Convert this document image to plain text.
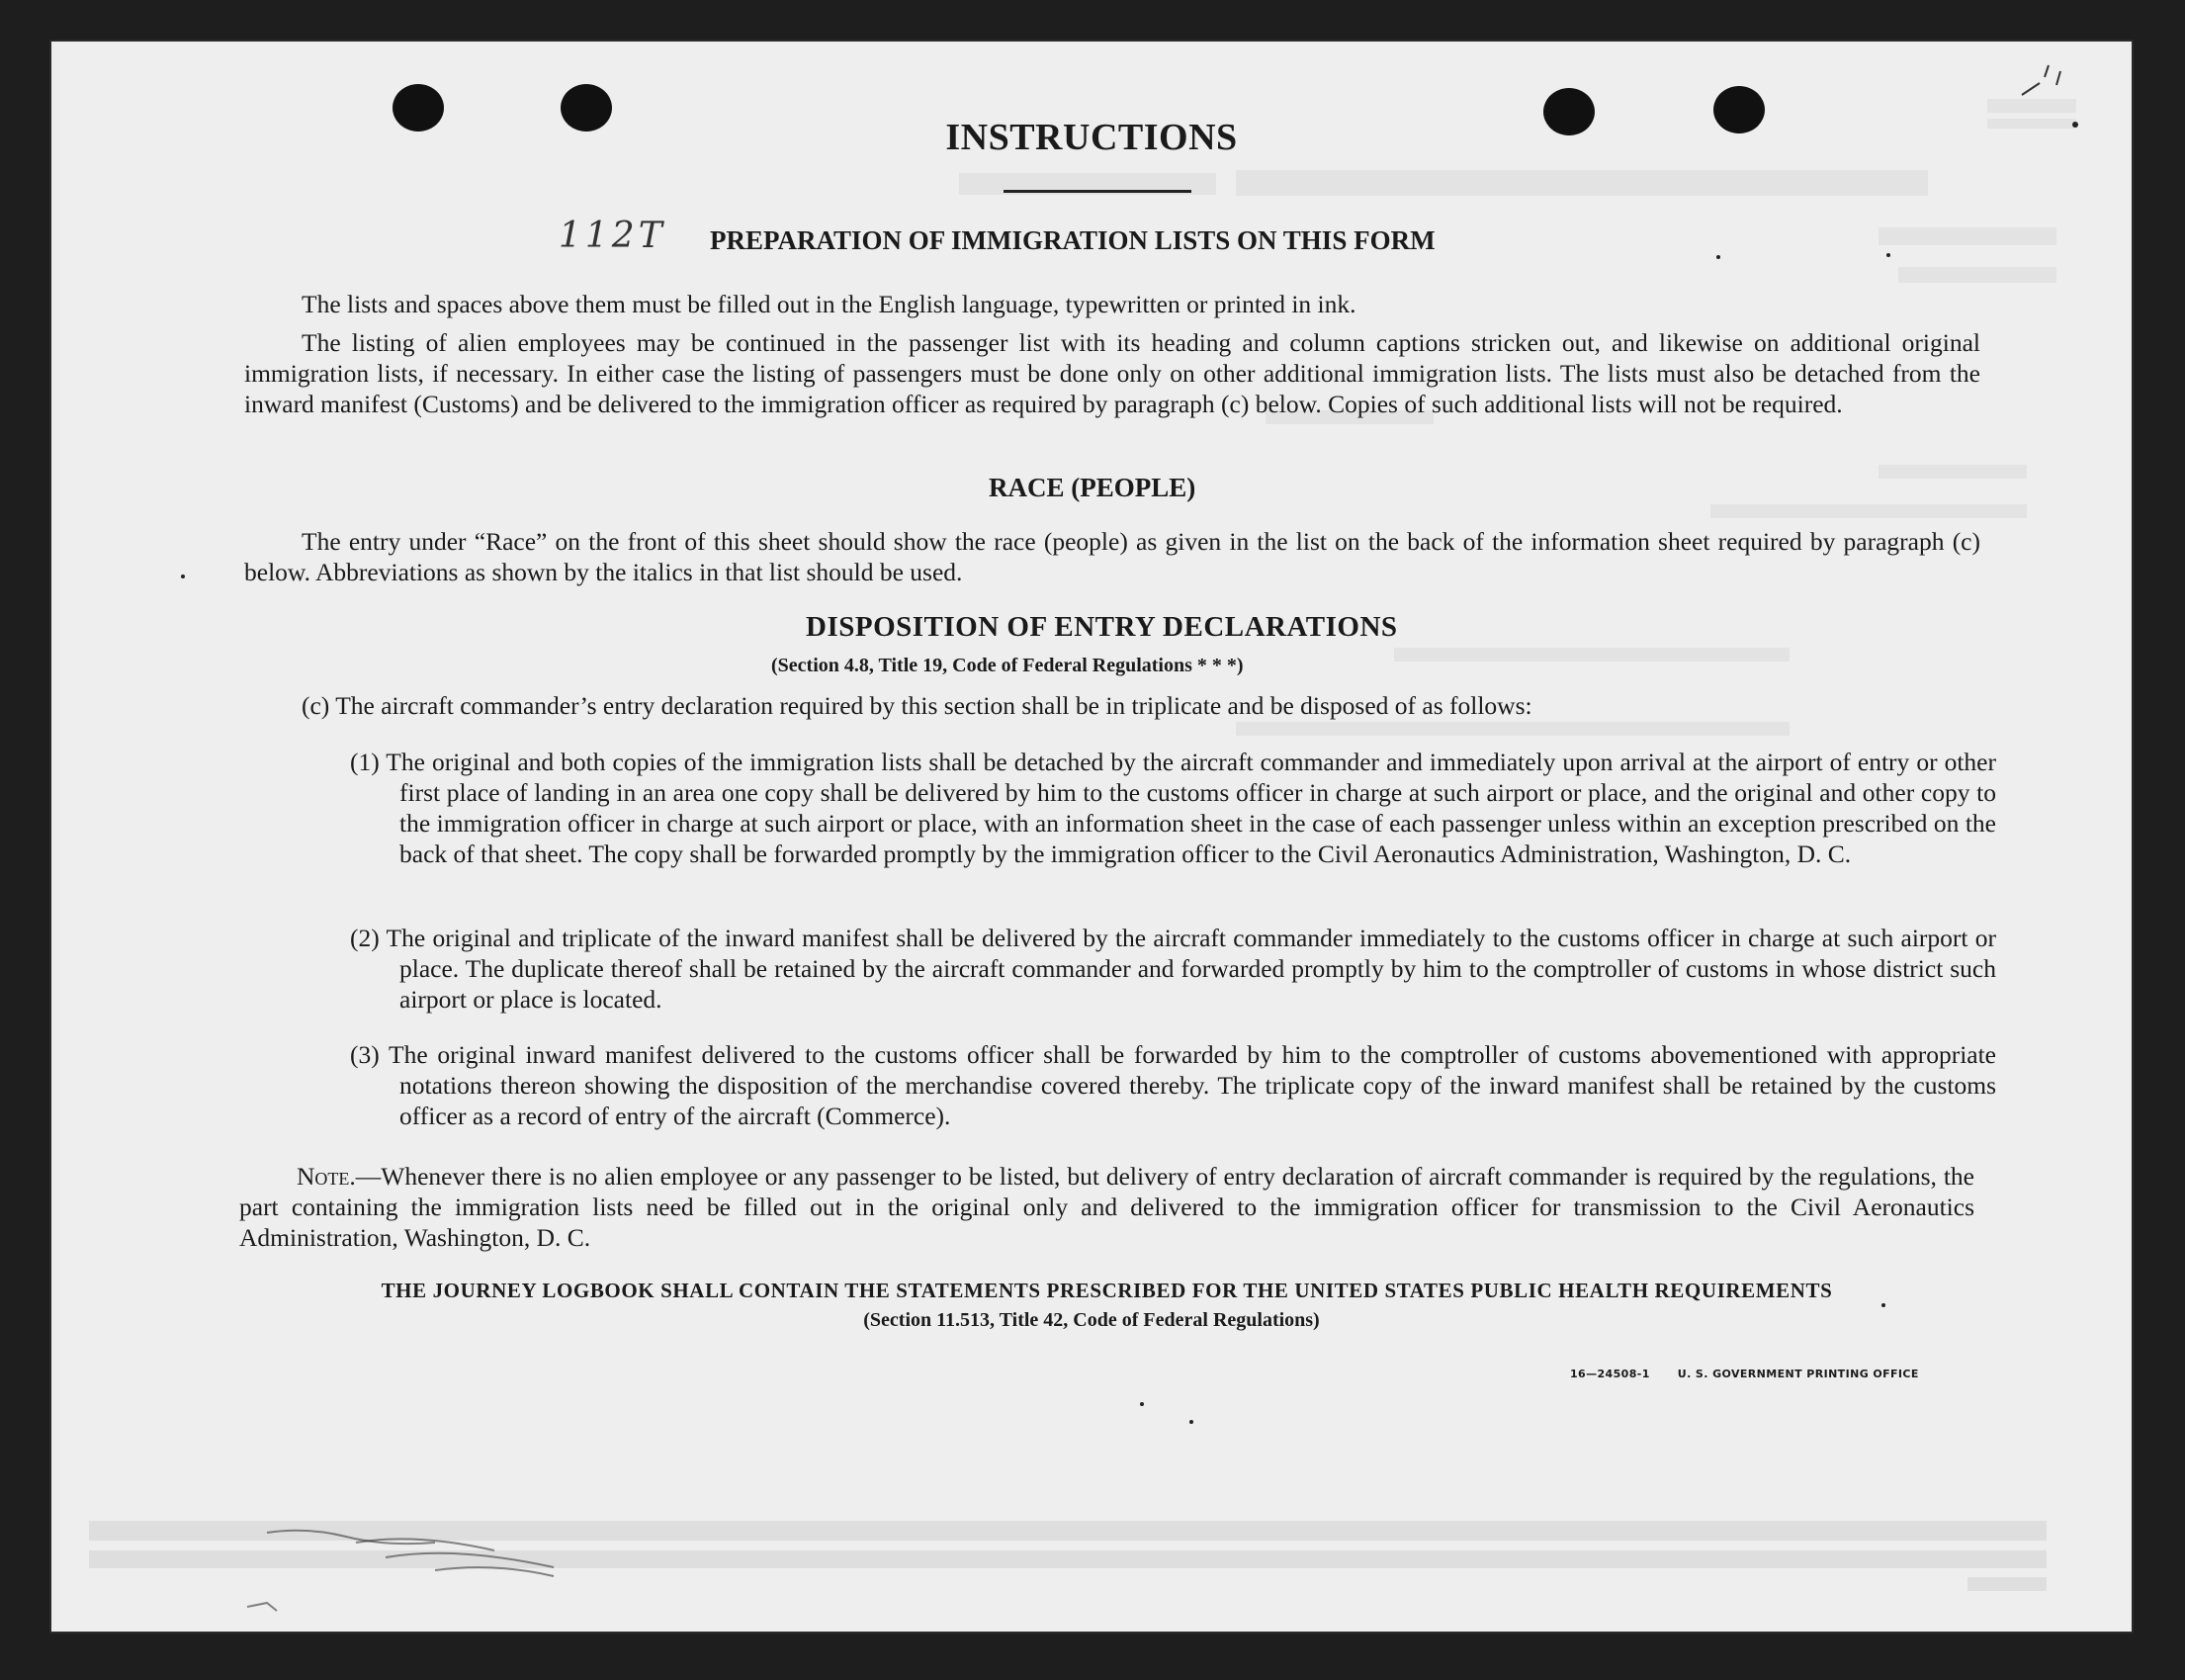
INSTRUCTIONS
112T PREPARATION OF IMMIGRATION LISTS ON THIS FORM

The lists and spaces above them must be filled out in the English language, typewritten or printed in ink.

The listing of alien employees may be continued in the passenger list with its heading and column captions stricken out, and likewise on additional original immigration lists, if necessary. In either case the listing of passengers must be done only on other additional immigration lists. The lists must also be detached from the inward manifest (Customs) and be delivered to the immigration officer as required by paragraph (c) below. Copies of such additional lists will not be required.

RACE (PEOPLE)

The entry under “Race” on the front of this sheet should show the race (people) as given in the list on the back of the information sheet required by paragraph (c) below. Abbreviations as shown by the italics in that list should be used.

DISPOSITION OF ENTRY DECLARATIONS
(Section 4.8, Title 19, Code of Federal Regulations * * *)

(c) The aircraft commander’s entry declaration required by this section shall be in triplicate and be disposed of as follows:

(1) The original and both copies of the immigration lists shall be detached by the aircraft commander and immediately upon arrival at the airport of entry or other first place of landing in an area one copy shall be delivered by him to the customs officer in charge at such airport or place, and the original and other copy to the immigration officer in charge at such airport or place, with an information sheet in the case of each passenger unless within an exception prescribed on the back of that sheet. The copy shall be forwarded promptly by the immigration officer to the Civil Aeronautics Administration, Washington, D. C.
(2) The original and triplicate of the inward manifest shall be delivered by the aircraft commander immediately to the customs officer in charge at such airport or place. The duplicate thereof shall be retained by the aircraft commander and forwarded promptly by him to the comptroller of customs in whose district such airport or place is located.
(3) The original inward manifest delivered to the customs officer shall be forwarded by him to the comptroller of customs abovementioned with appropriate notations thereon showing the disposition of the merchandise covered thereby. The triplicate copy of the inward manifest shall be retained by the customs officer as a record of entry of the aircraft (Commerce).

Note.—Whenever there is no alien employee or any passenger to be listed, but delivery of entry declaration of aircraft commander is required by the regulations, the part containing the immigration lists need be filled out in the original only and delivered to the immigration officer for transmission to the Civil Aeronautics Administration, Washington, D. C.

THE JOURNEY LOGBOOK SHALL CONTAIN THE STATEMENTS PRESCRIBED FOR THE UNITED STATES PUBLIC HEALTH REQUIREMENTS
(Section 11.513, Title 42, Code of Federal Regulations)
16—24508-1	U. S. GOVERNMENT PRINTING OFFICE
